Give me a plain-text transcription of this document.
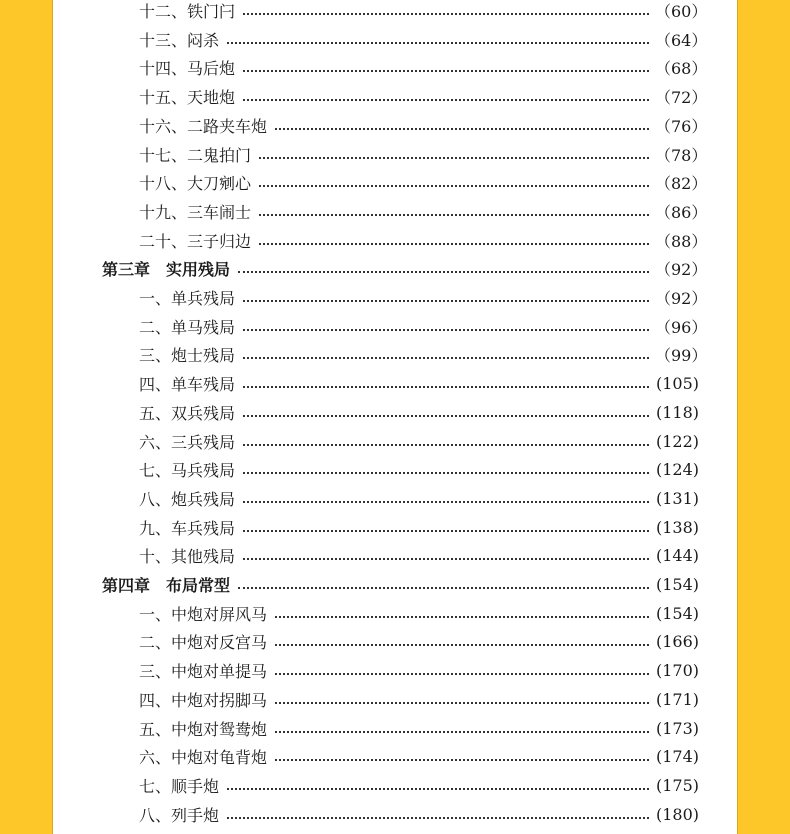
十二、铁门闩	（60）
十三、闷杀	（64）
十四、马后炮	（68）
十五、天地炮	（72）
十六、二路夹车炮	（76）
十七、二鬼拍门	（78）
十八、大刀剜心	（82）
十九、三车闹士	（86）
二十、三子归边	（88）
第三章　实用残局	（92）
一、单兵残局	（92）
二、单马残局	（96）
三、炮士残局	（99）
四、单车残局	(105)
五、双兵残局	(118)
六、三兵残局	(122)
七、马兵残局	(124)
八、炮兵残局	(131)
九、车兵残局	(138)
十、其他残局	(144)
第四章　布局常型	(154)
一、中炮对屏风马	(154)
二、中炮对反宫马	(166)
三、中炮对单提马	(170)
四、中炮对拐脚马	(171)
五、中炮对鸳鸯炮	(173)
六、中炮对龟背炮	(174)
七、顺手炮	(175)
八、列手炮	(180)
